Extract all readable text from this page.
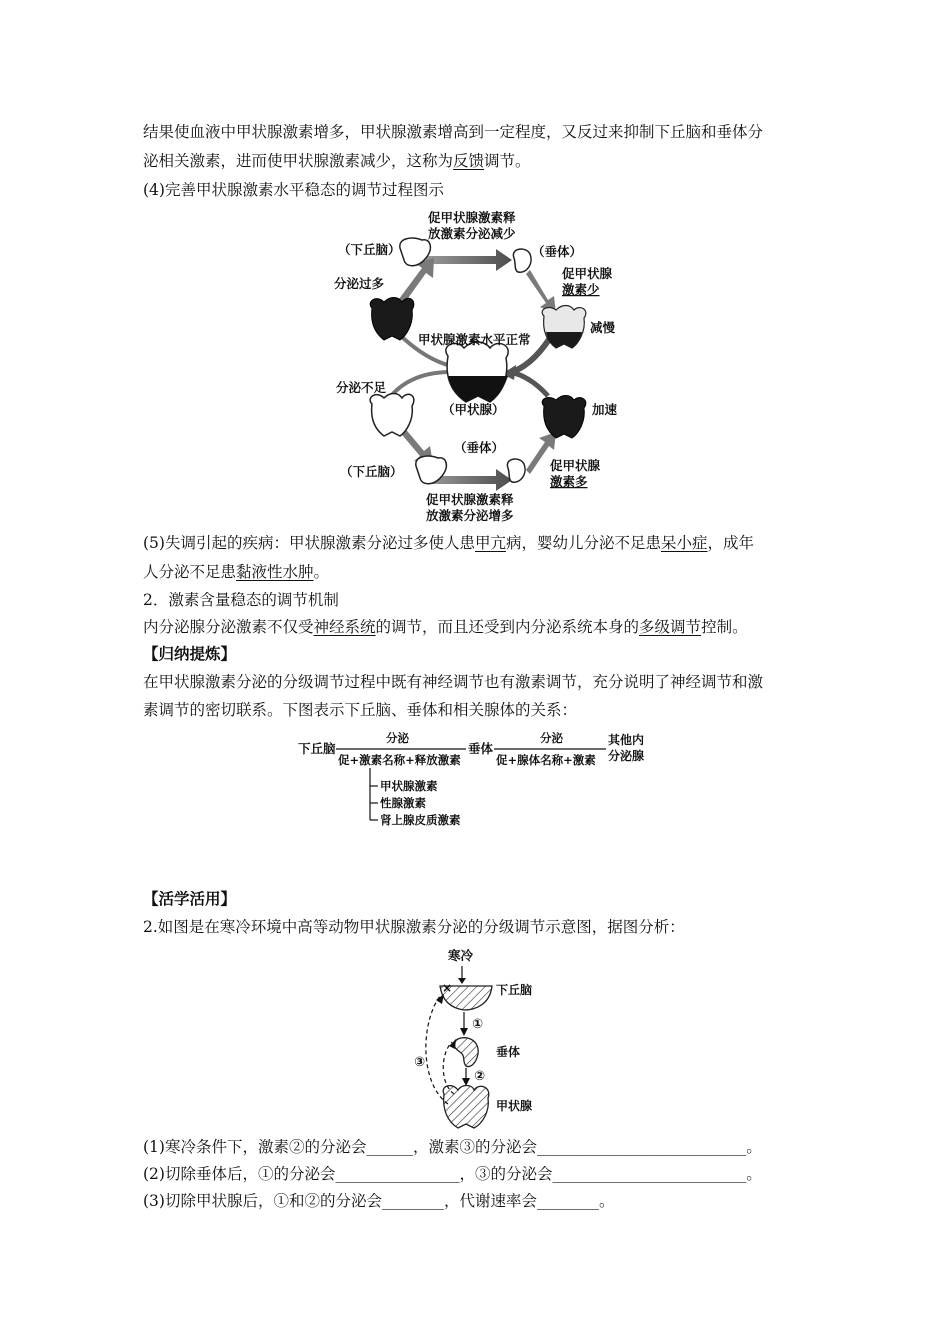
结果使血液中甲状腺激素增多，甲状腺激素增高到一定程度，又反过来抑制下丘脑和垂体分
泌相关激素，进而使甲状腺激素减少，这称为反馈调节。
(4)完善甲状腺激素水平稳态的调节过程图示
促甲状腺激素释
放激素分泌减少
（下丘脑）	（垂体）
促甲状腺
激素少
分泌过多
甲状腺激素水平正常
减慢
（甲状腺）
分泌不足
加速
（垂体）
促甲状腺
激素多
（下丘脑）
促甲状腺激素释
放激素分泌增多
(5)失调引起的疾病：甲状腺激素分泌过多使人患甲亢病，婴幼儿分泌不足患呆小症，成年
人分泌不足患黏液性水肿。
2．激素含量稳态的调节机制
内分泌腺分泌激素不仅受神经系统的调节，而且还受到内分泌系统本身的多级调节控制。
【归纳提炼】
在甲状腺激素分泌的分级调节过程中既有神经调节也有激素调节，充分说明了神经调节和激
素调节的密切联系。下图表示下丘脑、垂体和相关腺体的关系：
下丘脑
分泌
促+激素名称+释放激素
垂体
分泌
促+腺体名称+激素
其他内
分泌腺
甲状腺激素
性腺激素
肾上腺皮质激素
【活学活用】
2.如图是在寒冷环境中高等动物甲状腺激素分泌的分级调节示意图，据图分析：
寒冷
×	下丘脑
①
垂体
③
②
甲状腺
(1)寒冷条件下，激素②的分泌会______，激素③的分泌会___________________________。
(2)切除垂体后，①的分泌会________________，③的分泌会_________________________。
(3)切除甲状腺后，①和②的分泌会________，代谢速率会________。
